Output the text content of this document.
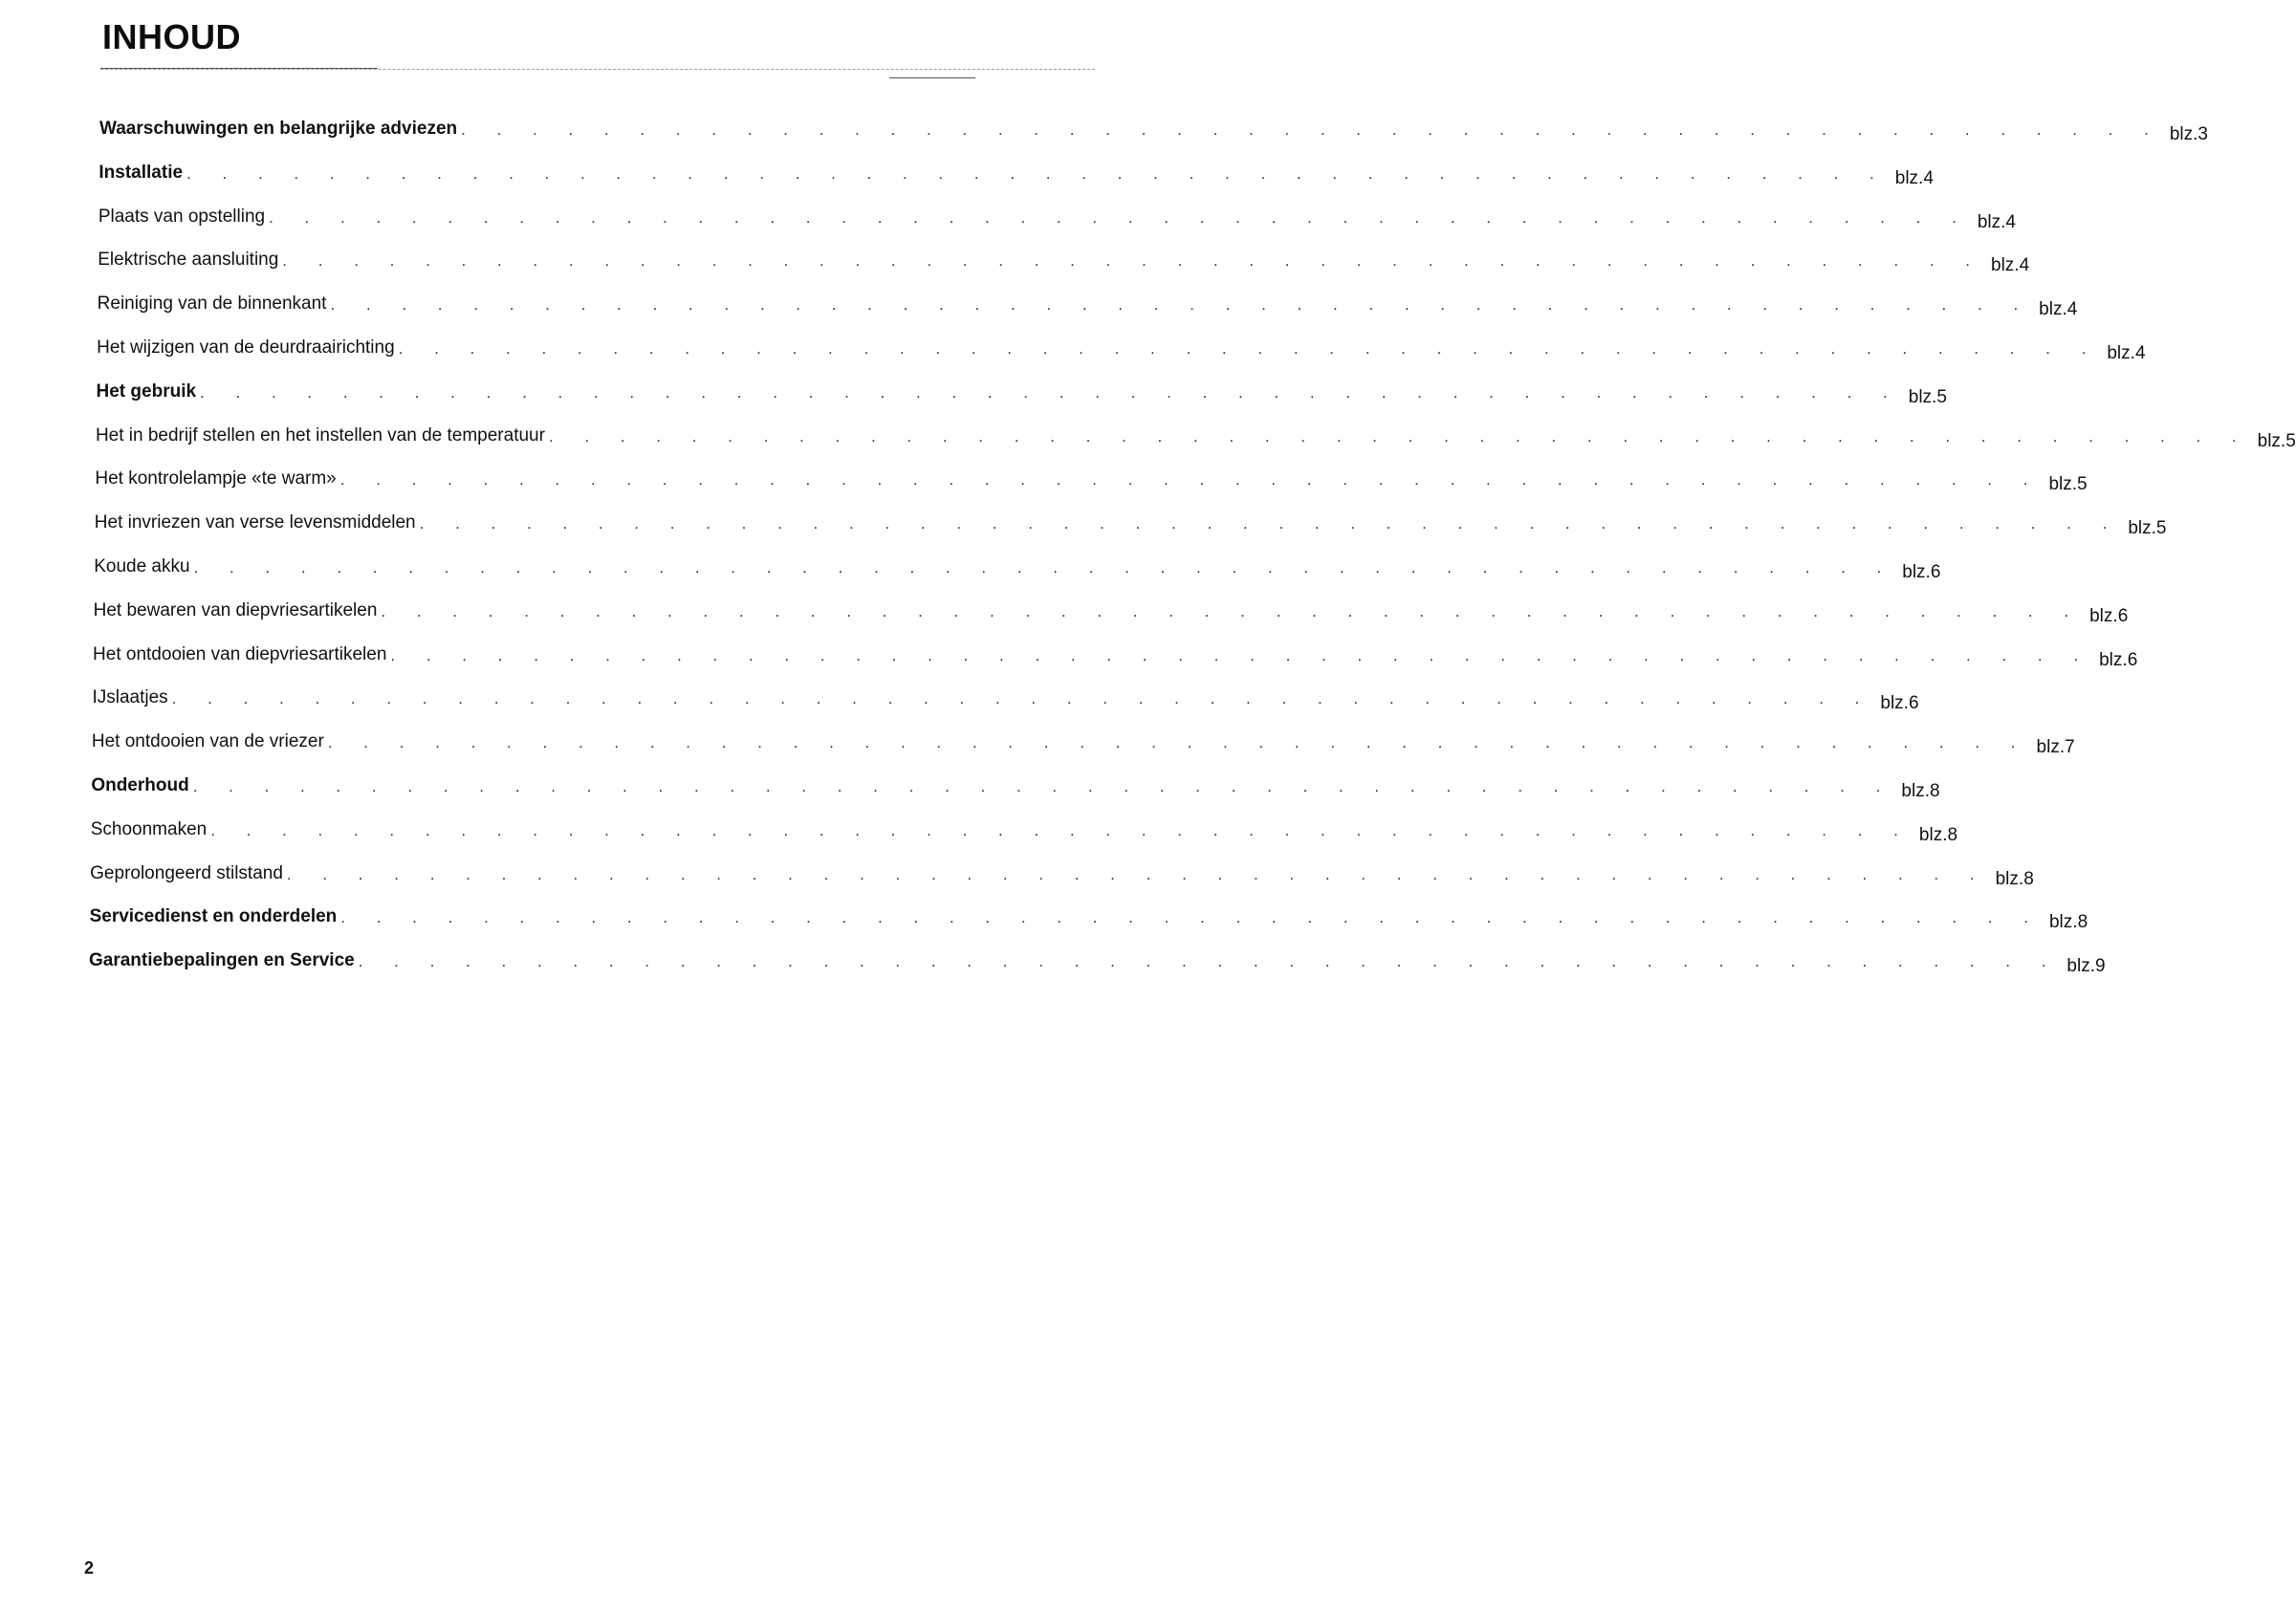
INHOUD
Waarschuwingen en belangrijke adviezen . . . . . . . . . . . . . . . . . . . . . . . . . . . . . . . . . . . . . . . . . . . . . . . . blz. 3
Installatie . . . . . . . . . . . . . . . . . . . . . . . . . . . . . . . . . . . . . . . . . . . . . . . . blz. 4
Plaats van opstelling . . . . . . . . . . . . . . . . . . . . . . . . . . . . . . . . . . . . . . . . . . . . . . . . blz. 4
Elektrische aansluiting . . . . . . . . . . . . . . . . . . . . . . . . . . . . . . . . . . . . . . . . . . . . . . . . blz. 4
Reiniging van de binnenkant . . . . . . . . . . . . . . . . . . . . . . . . . . . . . . . . . . . . . . . . . . . . . . . . blz. 4
Het wijzigen van de deurdraairichting . . . . . . . . . . . . . . . . . . . . . . . . . . . . . . . . . . . . . . . . . . . . . . . . blz. 4
Het gebruik . . . . . . . . . . . . . . . . . . . . . . . . . . . . . . . . . . . . . . . . . . . . . . . . blz. 5
Het in bedrijf stellen en het instellen van de temperatuur . . . . . . . . . . . . . . . . . . . . . . . . . . . . . . . . . . . . . . . . . . . . . . . . blz. 5
Het kontrolelampje «te warm» . . . . . . . . . . . . . . . . . . . . . . . . . . . . . . . . . . . . . . . . . . . . . . . . blz. 5
Het invriezen van verse levensmiddelen . . . . . . . . . . . . . . . . . . . . . . . . . . . . . . . . . . . . . . . . . . . . . . . . blz. 5
Koude akku . . . . . . . . . . . . . . . . . . . . . . . . . . . . . . . . . . . . . . . . . . . . . . . . blz. 6
Het bewaren van diepvriesartikelen . . . . . . . . . . . . . . . . . . . . . . . . . . . . . . . . . . . . . . . . . . . . . . . . blz. 6
Het ontdooien van diepvriesartikelen . . . . . . . . . . . . . . . . . . . . . . . . . . . . . . . . . . . . . . . . . . . . . . . . blz. 6
IJslaatjes . . . . . . . . . . . . . . . . . . . . . . . . . . . . . . . . . . . . . . . . . . . . . . . . blz. 6
Het ontdooien van de vriezer . . . . . . . . . . . . . . . . . . . . . . . . . . . . . . . . . . . . . . . . . . . . . . . . blz. 7
Onderhoud . . . . . . . . . . . . . . . . . . . . . . . . . . . . . . . . . . . . . . . . . . . . . . . . blz. 8
Schoonmaken . . . . . . . . . . . . . . . . . . . . . . . . . . . . . . . . . . . . . . . . . . . . . . . . blz. 8
Geprolongeerd stilstand . . . . . . . . . . . . . . . . . . . . . . . . . . . . . . . . . . . . . . . . . . . . . . . . blz. 8
Servicedienst en onderdelen . . . . . . . . . . . . . . . . . . . . . . . . . . . . . . . . . . . . . . . . . . . . . . . . blz. 8
Garantiebepalingen en Service . . . . . . . . . . . . . . . . . . . . . . . . . . . . . . . . . . . . . . . . . . . . . . . . blz. 9
2
